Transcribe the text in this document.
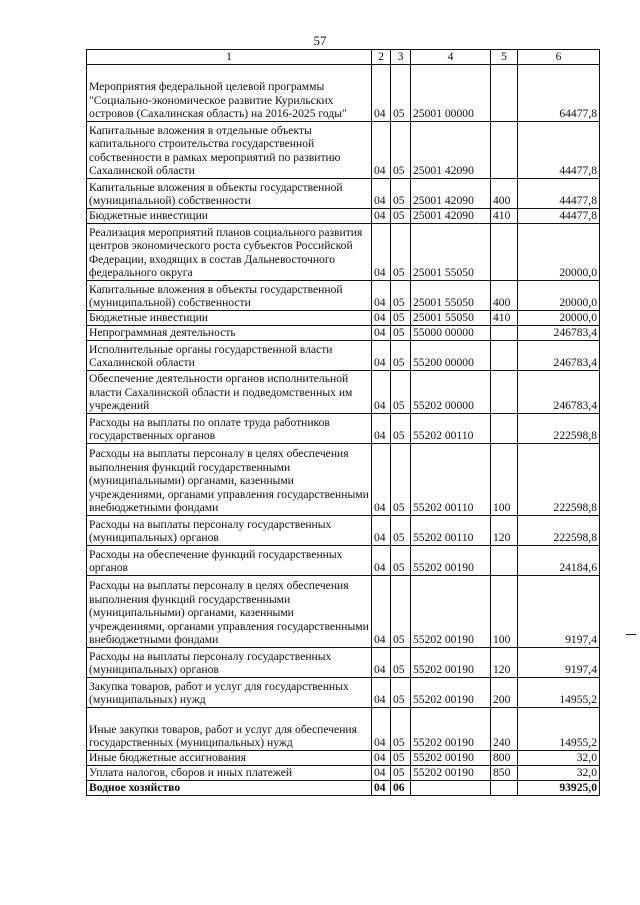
57
1	2	3	4	5	6
Мероприятия федеральной целевой программы "Социально-экономическое развитие Курильских островов (Сахалинская область) на 2016-2025 годы"	04	05	25001 00000		64477,8
Капитальные вложения в отдельные объекты капитального строительства государственной собственности в рамках мероприятий по развитию Сахалинской области	04	05	25001 42090		44477,8
Капитальные вложения в объекты государственной (муниципальной) собственности	04	05	25001 42090	400	44477,8
Бюджетные инвестиции	04	05	25001 42090	410	44477,8
Реализация мероприятий планов социального развития центров экономического роста субъектов Российской Федерации, входящих в состав Дальневосточного федерального округа	04	05	25001 55050		20000,0
Капитальные вложения в объекты государственной (муниципальной) собственности	04	05	25001 55050	400	20000,0
Бюджетные инвестиции	04	05	25001 55050	410	20000,0
Непрограммная деятельность	04	05	55000 00000		246783,4
Исполнительные органы государственной власти Сахалинской области	04	05	55200 00000		246783,4
Обеспечение деятельности органов исполнительной власти Сахалинской области и подведомственных им учреждений	04	05	55202 00000		246783,4
Расходы на выплаты по оплате труда работников государственных органов	04	05	55202 00110		222598,8
Расходы на выплаты персоналу в целях обеспечения выполнения функций государственными (муниципальными) органами, казенными учреждениями, органами управления государственными внебюджетными фондами	04	05	55202 00110	100	222598,8
Расходы на выплаты персоналу государственных (муниципальных) органов	04	05	55202 00110	120	222598,8
Расходы на обеспечение функций государственных органов	04	05	55202 00190		24184,6
Расходы на выплаты персоналу в целях обеспечения выполнения функций государственными (муниципальными) органами, казенными учреждениями, органами управления государственными внебюджетными фондами	04	05	55202 00190	100	9197,4
Расходы на выплаты персоналу государственных (муниципальных) органов	04	05	55202 00190	120	9197,4
Закупка товаров, работ и услуг для государственных (муниципальных) нужд	04	05	55202 00190	200	14955,2
Иные закупки товаров, работ и услуг для обеспечения государственных (муниципальных) нужд	04	05	55202 00190	240	14955,2
Иные бюджетные ассигнования	04	05	55202 00190	800	32,0
Уплата налогов, сборов и иных платежей	04	05	55202 00190	850	32,0
Водное хозяйство	04	06			93925,0
